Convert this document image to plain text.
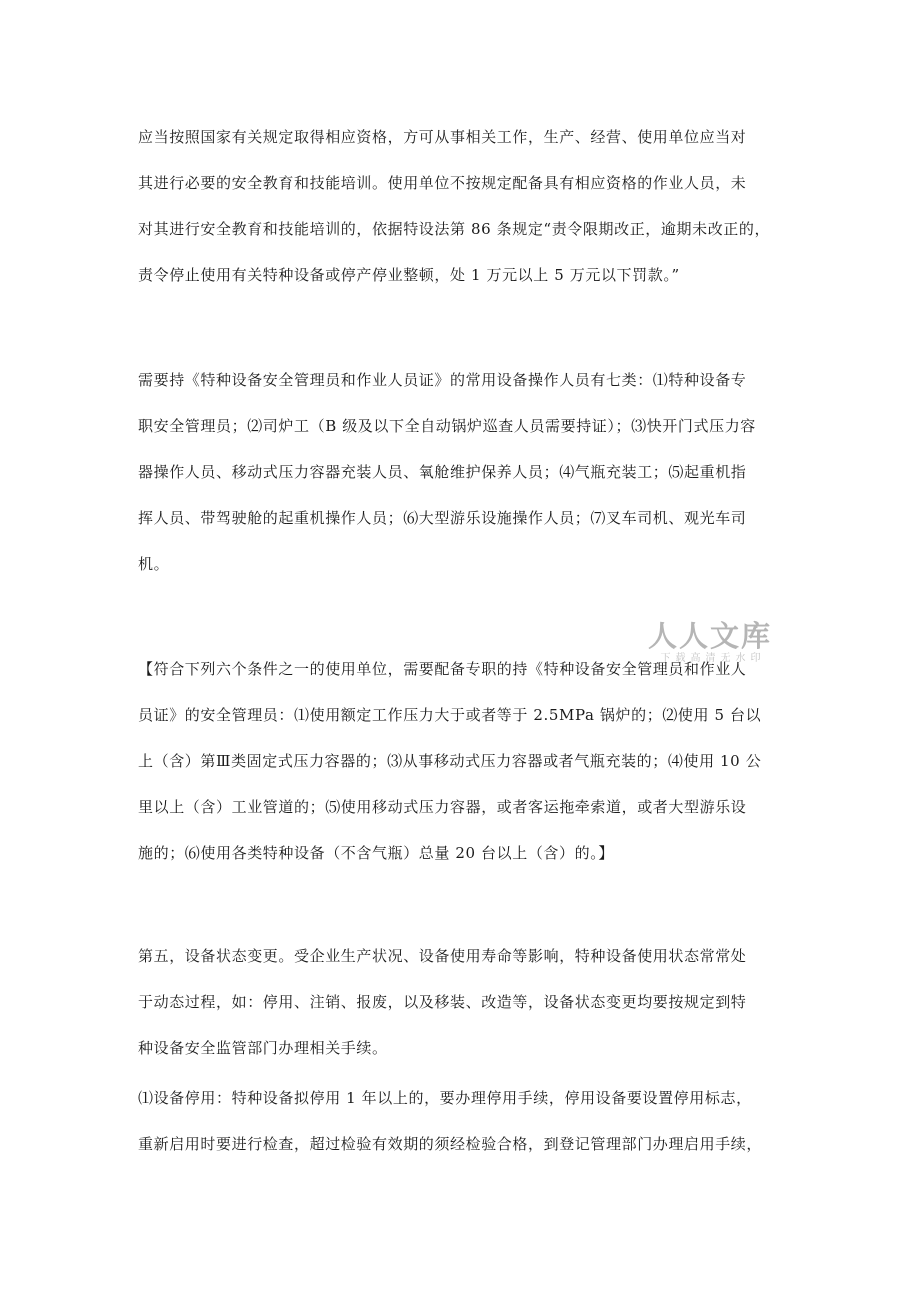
应当按照国家有关规定取得相应资格，方可从事相关工作，生产、经营、使用单位应当对
其进行必要的安全教育和技能培训。使用单位不按规定配备具有相应资格的作业人员，未
对其进行安全教育和技能培训的，依据特设法第 86 条规定“责令限期改正，逾期未改正的，
责令停止使用有关特种设备或停产停业整顿，处 1 万元以上 5 万元以下罚款。”
需要持《特种设备安全管理员和作业人员证》的常用设备操作人员有七类：⑴特种设备专
职安全管理员；⑵司炉工（B 级及以下全自动锅炉巡查人员需要持证）；⑶快开门式压力容
器操作人员、移动式压力容器充装人员、氧舱维护保养人员；⑷气瓶充装工；⑸起重机指
挥人员、带驾驶舱的起重机操作人员；⑹大型游乐设施操作人员；⑺叉车司机、观光车司
机。
【符合下列六个条件之一的使用单位，需要配备专职的持《特种设备安全管理员和作业人
员证》的安全管理员：⑴使用额定工作压力大于或者等于 2.5MPa 锅炉的；⑵使用 5 台以
上（含）第Ⅲ类固定式压力容器的；⑶从事移动式压力容器或者气瓶充装的；⑷使用 10 公
里以上（含）工业管道的；⑸使用移动式压力容器，或者客运拖牵索道，或者大型游乐设
施的；⑹使用各类特种设备（不含气瓶）总量 20 台以上（含）的。】
第五，设备状态变更。受企业生产状况、设备使用寿命等影响，特种设备使用状态常常处
于动态过程，如：停用、注销、报废，以及移装、改造等，设备状态变更均要按规定到特
种设备安全监管部门办理相关手续。
⑴设备停用：特种设备拟停用 1 年以上的，要办理停用手续，停用设备要设置停用标志，
重新启用时要进行检查，超过检验有效期的须经检验合格，到登记管理部门办理启用手续，
人人文库
下载高清无水印
